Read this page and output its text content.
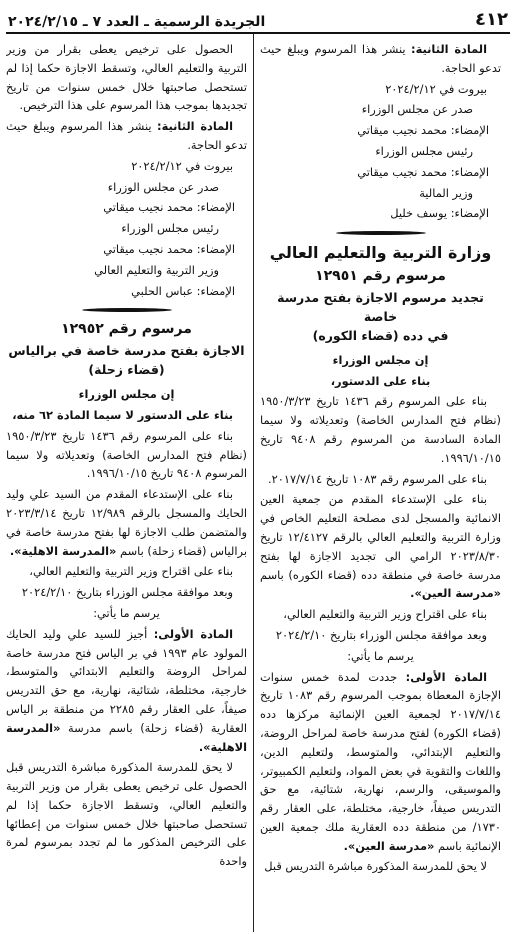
الجريدة الرسمية ـ العدد ٧ ـ ٢٠٢٤/٢/١٥	٤١٢

الحصول على ترخيص يعطى بقرار من وزير التربية والتعليم العالي، وتسقط الاجازة حكما إذا لم تستحصل صاحبتها خلال خمس سنوات من تاريخ تجديدها بموجب هذا المرسوم على هذا الترخيص.

المادة الثانية: ينشر هذا المرسوم ويبلغ حيث تدعو الحاجة.

بيروت في ٢٠٢٤/٢/١٢

صدر عن مجلس الوزراء

الإمضاء: محمد نجيب ميقاتي

رئيس مجلس الوزراء

الإمضاء: محمد نجيب ميقاتي

وزير التربية والتعليم العالي

الإمضاء: عباس الحلبي

مرسوم رقم ١٢٩٥٢
الاجازة بفتح مدرسة خاصة في برالياس
(قضاء زحلة)

إن مجلس الوزراء

بناء على الدستور لا سيما المادة ٦٢ منه،

بناء على المرسوم رقم ١٤٣٦ تاريخ ١٩٥٠/٣/٢٣ (نظام فتح المدارس الخاصة) وتعديلاته ولا سيما المرسوم ٩٤٠٨ تاريخ ١٩٩٦/١٠/١٥.

بناء على الإستدعاء المقدم من السيد علي وليد الحايك والمسجل بالرقم ١٢/٩٨٩ تاريخ ٢٠٢٣/٣/١٤ والمتضمن طلب الاجازة لها بفتح مدرسة خاصة في برالياس (قضاء زحلة) باسم «المدرسة الاهلية».

بناء على اقتراح وزير التربية والتعليم العالي،

وبعد موافقة مجلس الوزراء بتاريخ ٢٠٢٤/٢/١٠

يرسم ما يأتي:

المادة الأولى: أجيز للسيد علي وليد الحايك المولود عام ١٩٩٣ في بر الياس فتح مدرسة خاصة لمراحل الروضة والتعليم الابتدائي والمتوسط، خارجية، مختلطة، شتائية، نهارية، مع حق التدريس صيفاً، على العقار رقم ٢٢٨٥ من منطقة بر الياس العقارية (قضاء زحلة) باسم مدرسة «المدرسة الاهلية».

لا يحق للمدرسة المذكورة مباشرة التدريس قبل الحصول على ترخيص يعطى بقرار من وزير التربية والتعليم العالي، وتسقط الاجازة حكما إذا لم تستحصل صاحبتها خلال خمس سنوات من إعطائها على الترخيص المذكور ما لم تجدد بمرسوم لمرة واحدة

المادة الثانية: ينشر هذا المرسوم ويبلغ حيث تدعو الحاجة.

بيروت في ٢٠٢٤/٢/١٢

صدر عن مجلس الوزراء

الإمضاء: محمد نجيب ميقاتي

رئيس مجلس الوزراء

الإمضاء: محمد نجيب ميقاتي

وزير المالية

الإمضاء: يوسف خليل

وزارة التربية والتعليم العالي
مرسوم رقم ١٢٩٥١
تجديد مرسوم الاجازة بفتح مدرسة خاصة
في دده (قضاء الكوره)

إن مجلس الوزراء

بناء على الدستور،

بناء على المرسوم رقم ١٤٣٦ تاريخ ١٩٥٠/٣/٢٣ (نظام فتح المدارس الخاصة) وتعديلاته ولا سيما المادة السادسة من المرسوم رقم ٩٤٠٨ تاريخ ١٩٩٦/١٠/١٥.

بناء على المرسوم رقم ١٠٨٣ تاريخ ٢٠١٧/٧/١٤.

بناء على الإستدعاء المقدم من جمعية العين الانمائية والمسجل لدى مصلحة التعليم الخاص في وزارة التربية والتعليم العالي بالرقم ١٢/٤١٢٧ تاريخ ٢٠٢٣/٨/٣٠ الرامي الى تجديد الاجازة لها بفتح مدرسة خاصة في منطقة دده (قضاء الكوره) باسم «مدرسة العين».

بناء على اقتراح وزير التربية والتعليم العالي،

وبعد موافقة مجلس الوزراء بتاريخ ٢٠٢٤/٢/١٠

يرسم ما يأتي:

المادة الأولى: جددت لمدة خمس سنوات الإجازة المعطاة بموجب المرسوم رقم ١٠٨٣ تاريخ ٢٠١٧/٧/١٤ لجمعية العين الإنمائية مركزها دده (قضاء الكوره) لفتح مدرسة خاصة لمراحل الروضة، والتعليم الإبتدائي، والمتوسط، ولتعليم الدين، واللغات والتقوية في بعض المواد، ولتعليم الكمبيوتر، والموسيقى، والرسم، نهارية، شتائية، مع حق التدريس صيفاً، خارجية، مختلطة، على العقار رقم ١٧٣٠/ من منطقة دده العقارية ملك جمعية العين الإنمائية باسم «مدرسة العين».

لا يحق للمدرسة المذكورة مباشرة التدريس قبل
